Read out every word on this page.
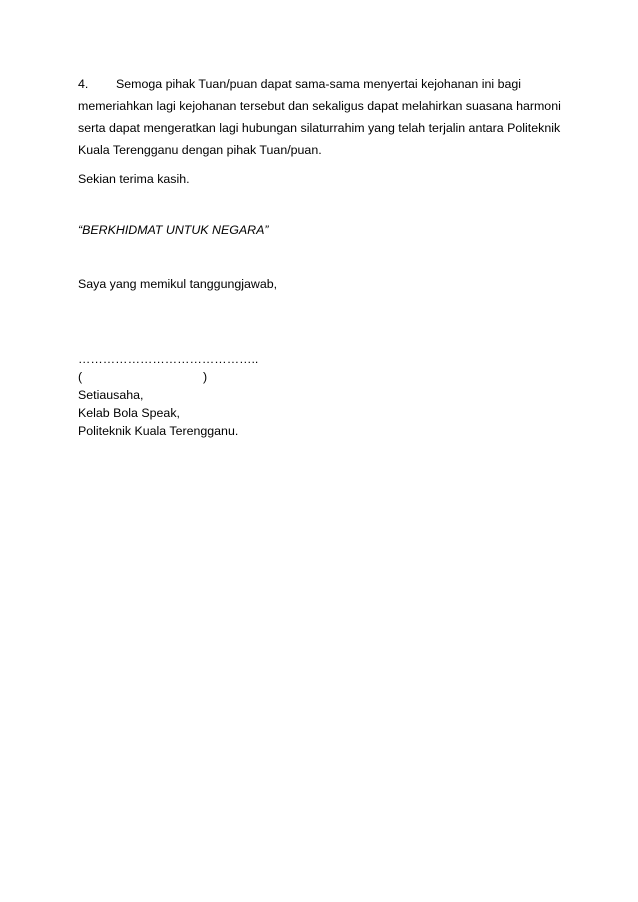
4. Semoga pihak Tuan/puan dapat sama-sama menyertai kejohanan ini bagi
memeriahkan lagi kejohanan tersebut dan sekaligus dapat melahirkan suasana harmoni
serta dapat mengeratkan lagi hubungan silaturrahim yang telah terjalin antara Politeknik
Kuala Terengganu dengan pihak Tuan/puan.
Sekian terima kasih.
“BERKHIDMAT UNTUK NEGARA”
Saya yang memikul tanggungjawab,
……………………………………..
(	)
Setiausaha,
Kelab Bola Speak,
Politeknik Kuala Terengganu.
